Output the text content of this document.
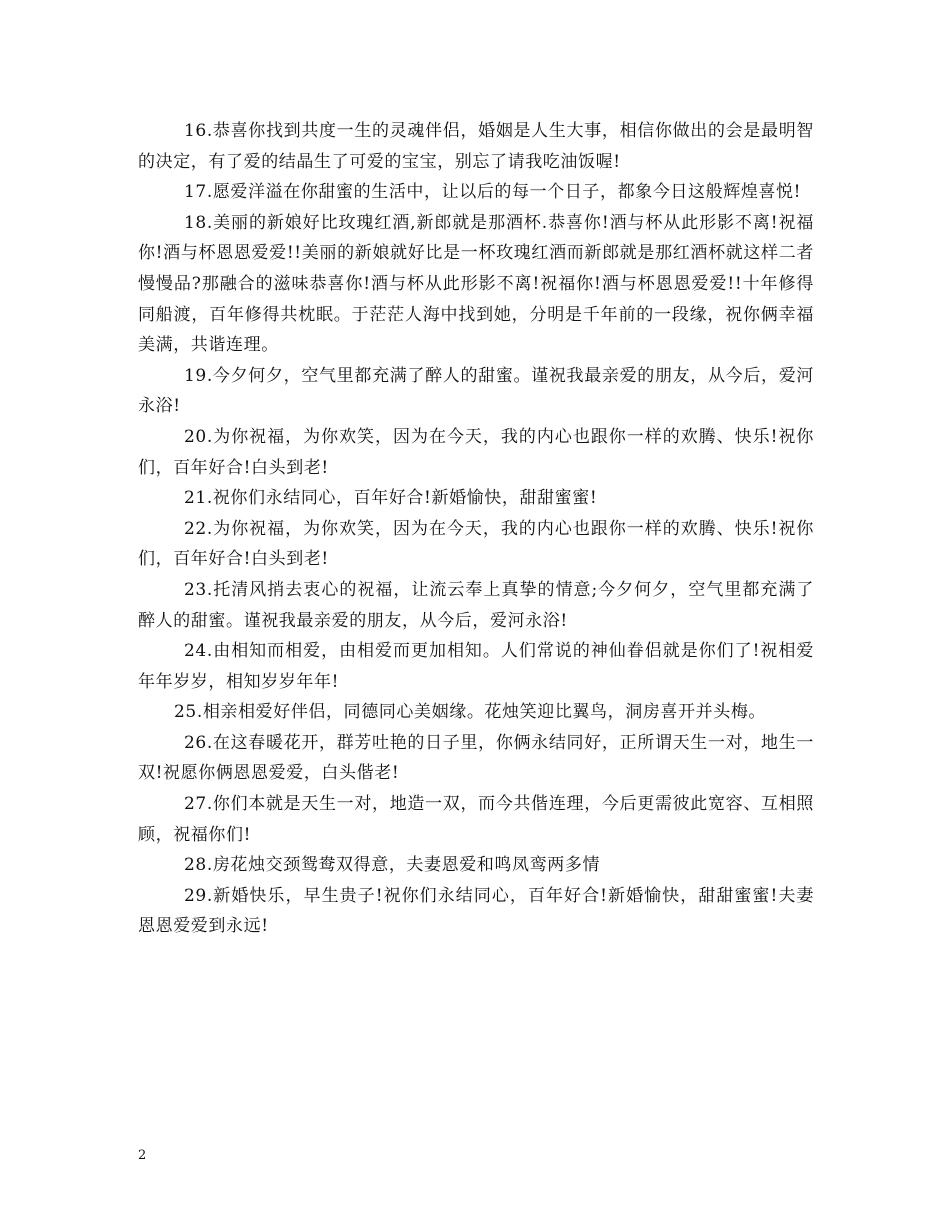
16.恭喜你找到共度一生的灵魂伴侣，婚姻是人生大事，相信你做出的会是最明智的决定，有了爱的结晶生了可爱的宝宝，别忘了请我吃油饭喔!

17.愿爱洋溢在你甜蜜的生活中，让以后的每一个日子，都象今日这般辉煌喜悦!

18.美丽的新娘好比玫瑰红酒,新郎就是那酒杯.恭喜你!酒与杯从此形影不离!祝福你!酒与杯恩恩爱爱!!美丽的新娘就好比是一杯玫瑰红酒而新郎就是那红酒杯就这样二者慢慢品?那融合的滋味恭喜你!酒与杯从此形影不离!祝福你!酒与杯恩恩爱爱!!十年修得同船渡，百年修得共枕眠。于茫茫人海中找到她，分明是千年前的一段缘，祝你俩幸福美满，共谐连理。

19.今夕何夕，空气里都充满了醉人的甜蜜。谨祝我最亲爱的朋友，从今后，爱河永浴!

20.为你祝福，为你欢笑，因为在今天，我的内心也跟你一样的欢腾、快乐!祝你们，百年好合!白头到老!

21.祝你们永结同心，百年好合!新婚愉快，甜甜蜜蜜!

22.为你祝福，为你欢笑，因为在今天，我的内心也跟你一样的欢腾、快乐!祝你们，百年好合!白头到老!

23.托清风捎去衷心的祝福，让流云奉上真挚的情意;今夕何夕，空气里都充满了醉人的甜蜜。谨祝我最亲爱的朋友，从今后，爱河永浴!

24.由相知而相爱，由相爱而更加相知。人们常说的神仙眷侣就是你们了!祝相爱年年岁岁，相知岁岁年年!

25.相亲相爱好伴侣，同德同心美姻缘。花烛笑迎比翼鸟，洞房喜开并头梅。

26.在这春暖花开，群芳吐艳的日子里，你俩永结同好，正所谓天生一对，地生一双!祝愿你俩恩恩爱爱，白头偕老!

27.你们本就是天生一对，地造一双，而今共偕连理，今后更需彼此宽容、互相照顾，祝福你们!

28.房花烛交颈鸳鸯双得意，夫妻恩爱和鸣凤鸾两多情

29.新婚快乐，早生贵子!祝你们永结同心，百年好合!新婚愉快，甜甜蜜蜜!夫妻恩恩爱爱到永远!

2
